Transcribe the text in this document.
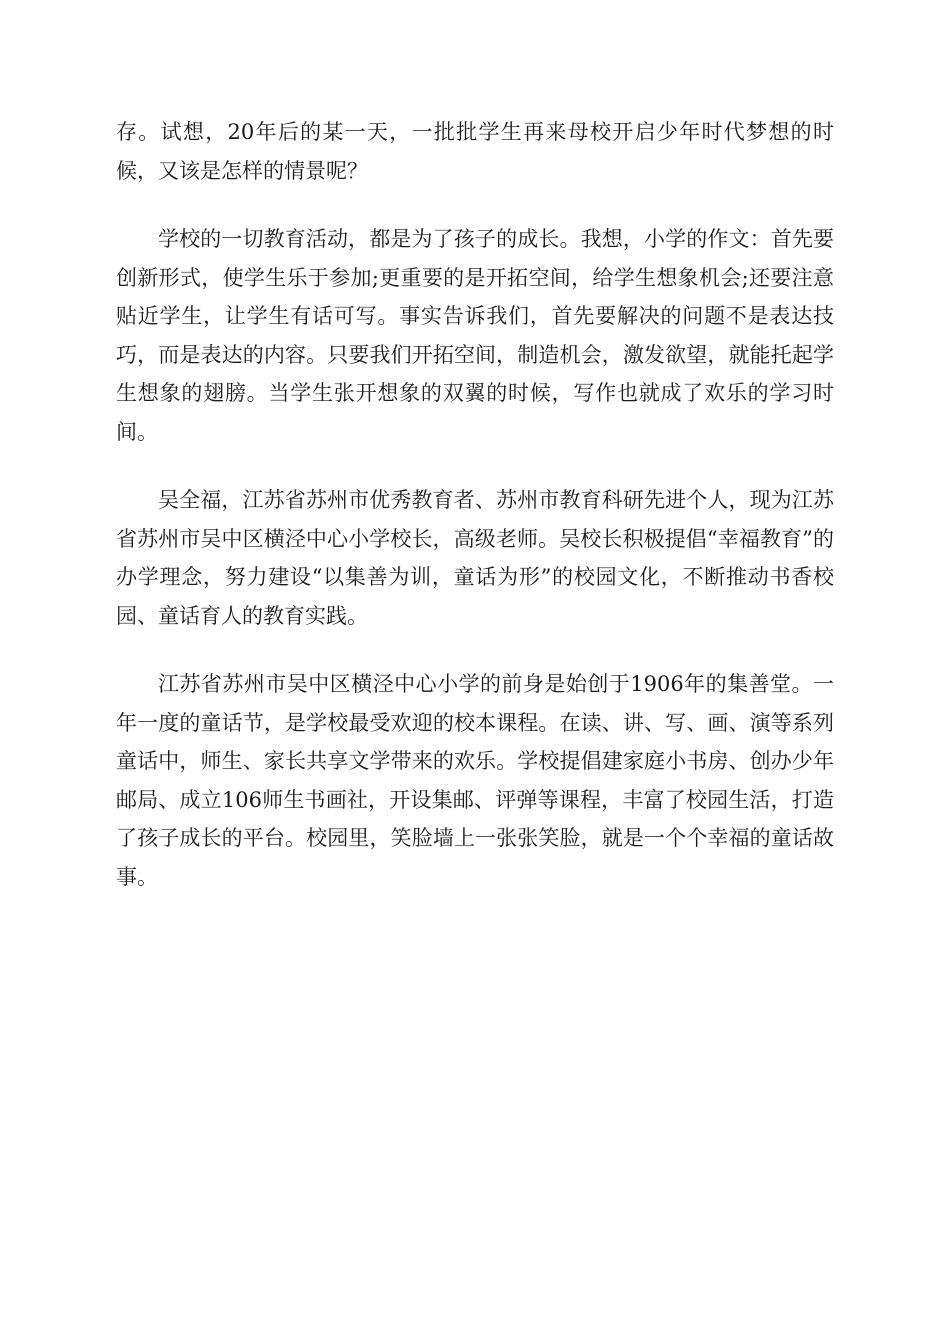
存。试想，20年后的某一天，一批批学生再来母校开启少年时代梦想的时候，又该是怎样的情景呢？

学校的一切教育活动，都是为了孩子的成长。我想，小学的作文：首先要创新形式，使学生乐于参加;更重要的是开拓空间，给学生想象机会;还要注意贴近学生，让学生有话可写。事实告诉我们，首先要解决的问题不是表达技巧，而是表达的内容。只要我们开拓空间，制造机会，激发欲望，就能托起学生想象的翅膀。当学生张开想象的双翼的时候，写作也就成了欢乐的学习时间。

吴全福，江苏省苏州市优秀教育者、苏州市教育科研先进个人，现为江苏省苏州市吴中区横泾中心小学校长，高级老师。吴校长积极提倡“幸福教育”的办学理念，努力建设“以集善为训，童话为形”的校园文化，不断推动书香校园、童话育人的教育实践。

江苏省苏州市吴中区横泾中心小学的前身是始创于1906年的集善堂。一年一度的童话节，是学校最受欢迎的校本课程。在读、讲、写、画、演等系列童话中，师生、家长共享文学带来的欢乐。学校提倡建家庭小书房、创办少年邮局、成立106师生书画社，开设集邮、评弹等课程，丰富了校园生活，打造了孩子成长的平台。校园里，笑脸墙上一张张笑脸，就是一个个幸福的童话故事。
